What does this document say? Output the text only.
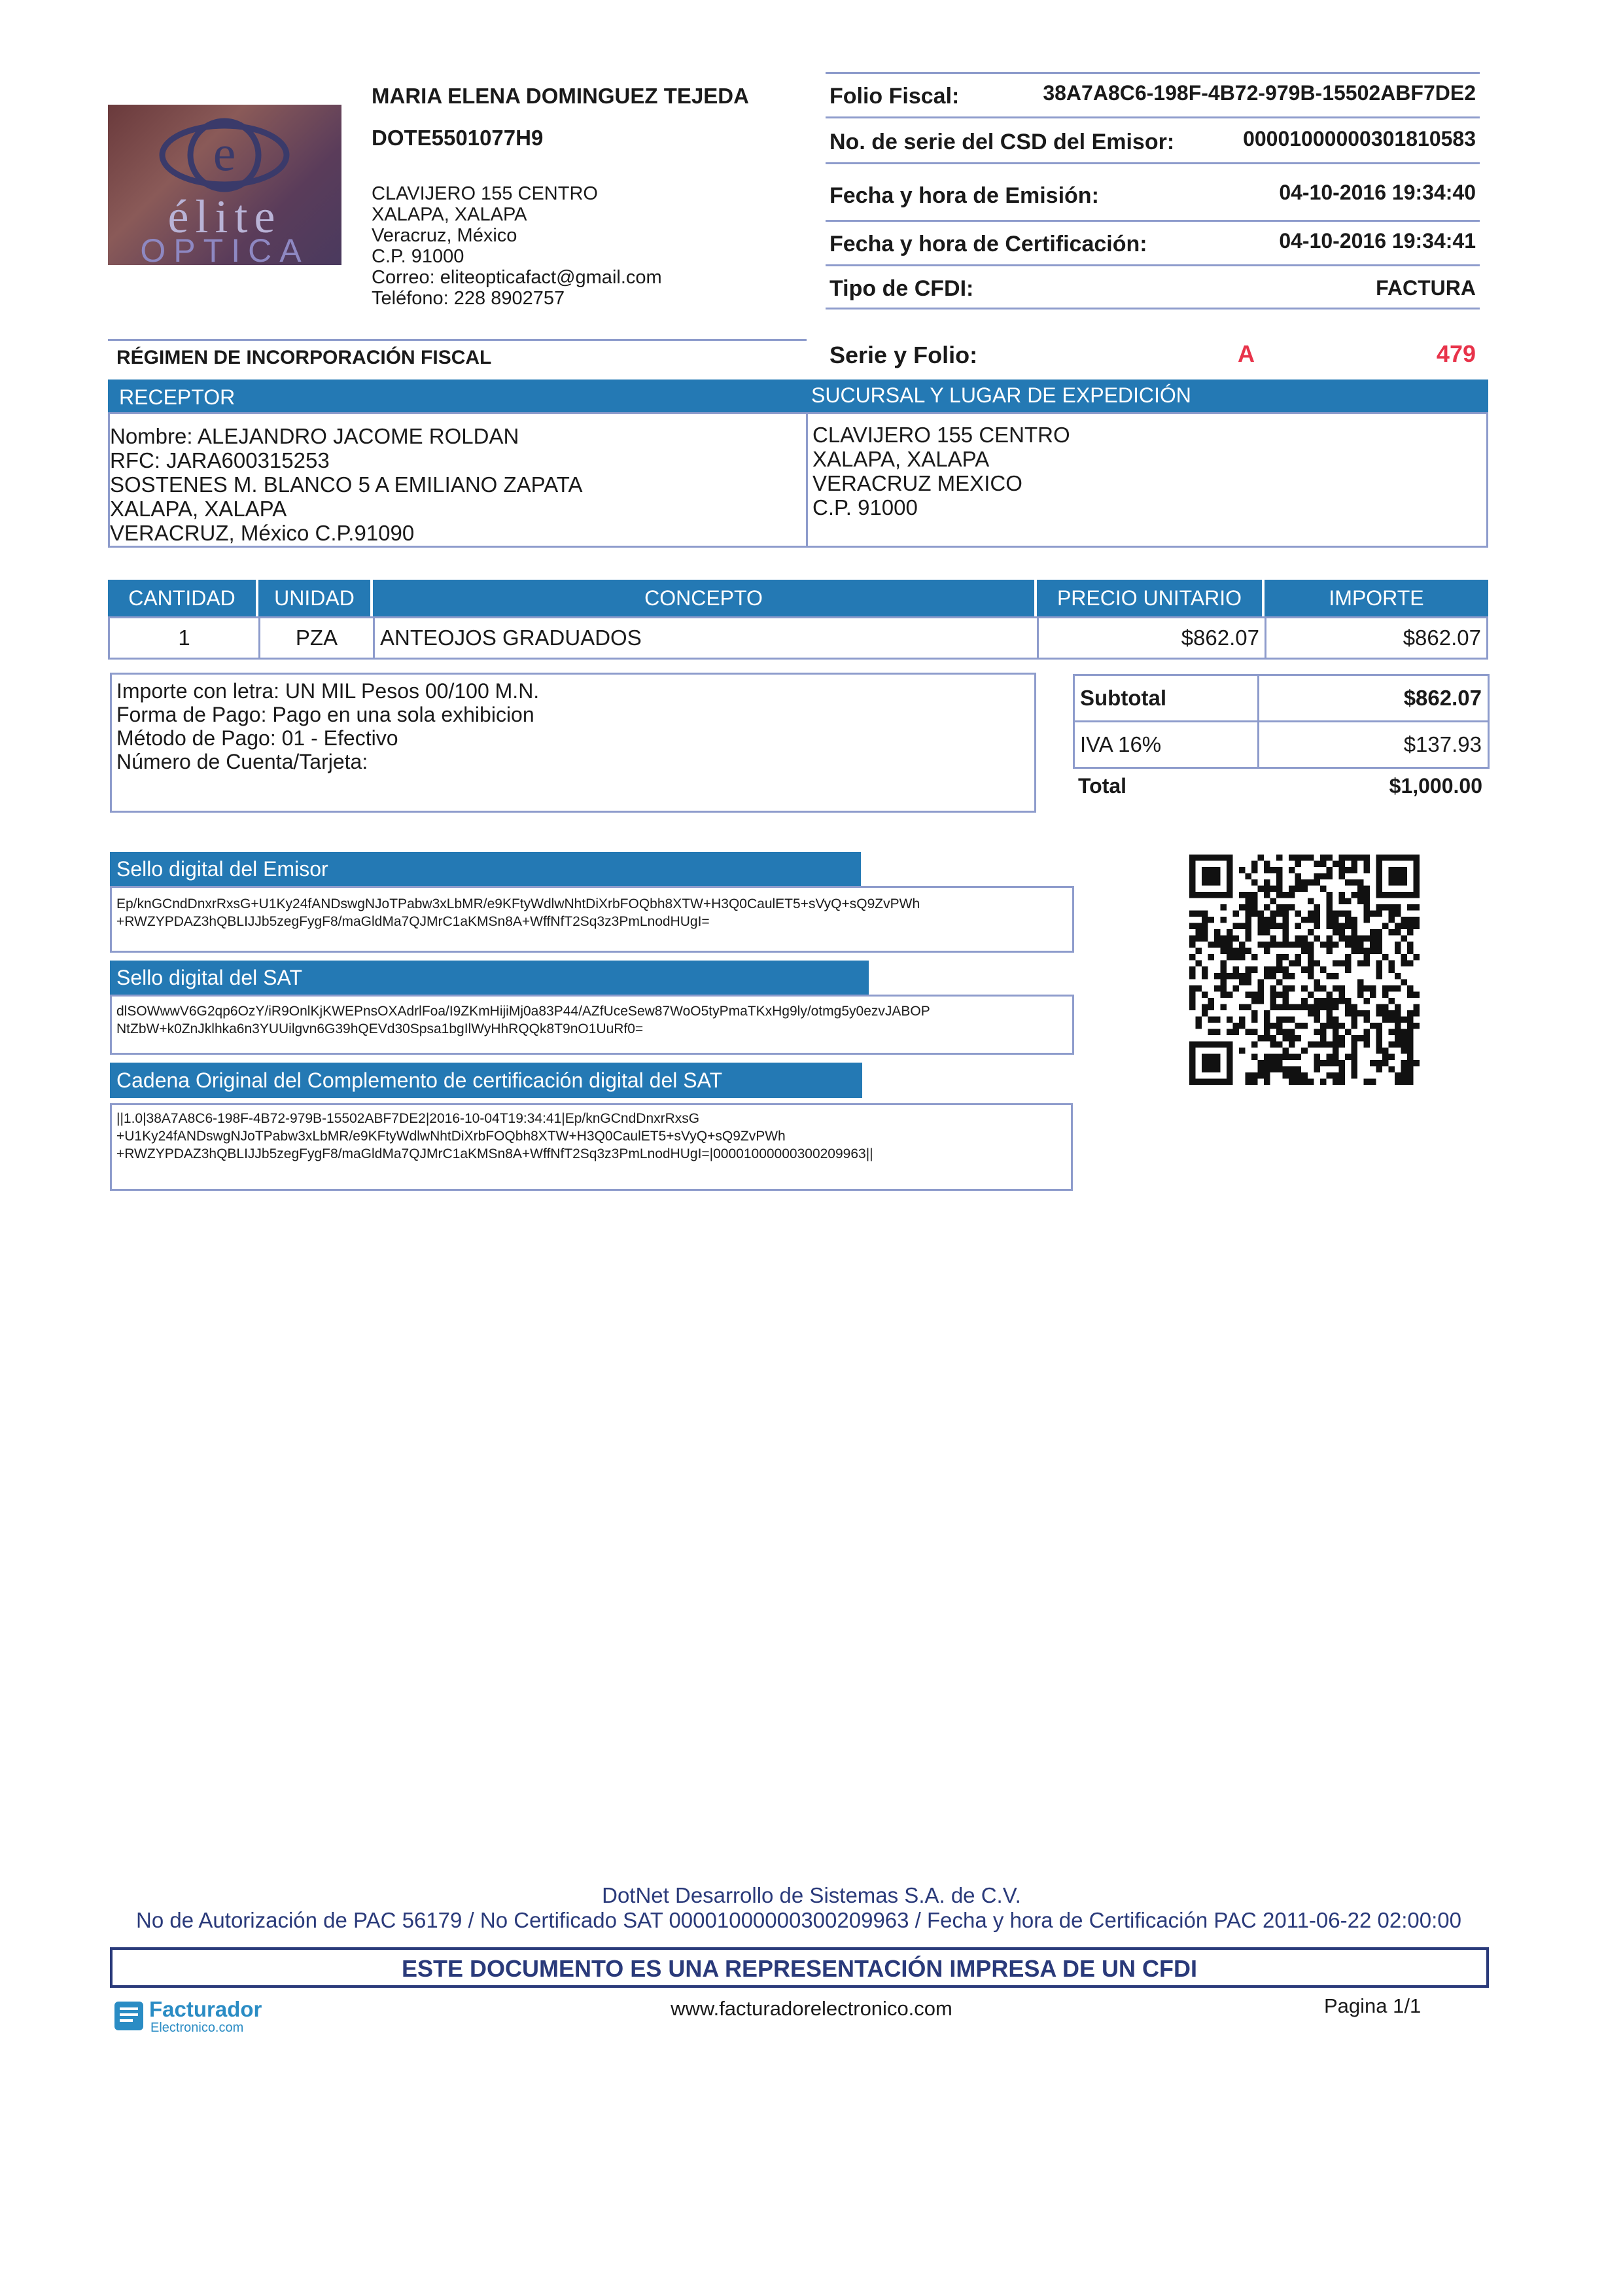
e
élite
OPTICA
MARIA ELENA DOMINGUEZ TEJEDA
DOTE5501077H9
CLAVIJERO 155 CENTRO
XALAPA, XALAPA
Veracruz, México
C.P. 91000
Correo: eliteopticafact@gmail.com
Teléfono: 228 8902757
RÉGIMEN DE INCORPORACIÓN FISCAL
Folio Fiscal:	38A7A8C6-198F-4B72-979B-15502ABF7DE2
No. de serie del CSD del Emisor:	00001000000301810583
Fecha y hora de Emisión:	04-10-2016 19:34:40
Fecha y hora de Certificación:	04-10-2016 19:34:41
Tipo de CFDI:	FACTURA
Serie y Folio:	A	479
RECEPTOR	SUCURSAL Y LUGAR DE EXPEDICIÓN
Nombre: ALEJANDRO JACOME ROLDAN
RFC: JARA600315253
SOSTENES M. BLANCO 5 A EMILIANO ZAPATA
XALAPA, XALAPA
VERACRUZ, México C.P.91090
CLAVIJERO 155 CENTRO
XALAPA, XALAPA
VERACRUZ MEXICO
C.P. 91000
CANTIDAD	UNIDAD	CONCEPTO	PRECIO UNITARIO	IMPORTE
1	PZA	ANTEOJOS GRADUADOS	$862.07	$862.07
Importe con letra: UN MIL Pesos 00/100 M.N.
Forma de Pago: Pago en una sola exhibicion
Método de Pago: 01 - Efectivo
Número de Cuenta/Tarjeta:
Subtotal	$862.07
IVA 16%	$137.93
Total	$1,000.00
Sello digital del Emisor
Ep/knGCndDnxrRxsG+U1Ky24fANDswgNJoTPabw3xLbMR/e9KFtyWdlwNhtDiXrbFOQbh8XTW+H3Q0CaulET5+sVyQ+sQ9ZvPWh
+RWZYPDAZ3hQBLIJJb5zegFygF8/maGldMa7QJMrC1aKMSn8A+WffNfT2Sq3z3PmLnodHUgI=
Sello digital del SAT
dlSOWwwV6G2qp6OzY/iR9OnlKjKWEPnsOXAdrlFoa/I9ZKmHijiMj0a83P44/AZfUceSew87WoO5tyPmaTKxHg9ly/otmg5y0ezvJABOP
NtZbW+k0ZnJklhka6n3YUUilgvn6G39hQEVd30Spsa1bgIlWyHhRQQk8T9nO1UuRf0=
Cadena Original del Complemento de certificación digital del SAT
||1.0|38A7A8C6-198F-4B72-979B-15502ABF7DE2|2016-10-04T19:34:41|Ep/knGCndDnxrRxsG
+U1Ky24fANDswgNJoTPabw3xLbMR/e9KFtyWdlwNhtDiXrbFOQbh8XTW+H3Q0CaulET5+sVyQ+sQ9ZvPWh
+RWZYPDAZ3hQBLIJJb5zegFygF8/maGldMa7QJMrC1aKMSn8A+WffNfT2Sq3z3PmLnodHUgI=|00001000000300209963||
DotNet Desarrollo de Sistemas S.A. de C.V.
No de Autorización de PAC 56179 / No Certificado SAT 00001000000300209963 / Fecha y hora de Certificación PAC 2011-06-22 02:00:00
ESTE DOCUMENTO ES UNA REPRESENTACIÓN IMPRESA DE UN CFDI
Facturador
Electronico.com
www.facturadorelectronico.com	Pagina 1/1
